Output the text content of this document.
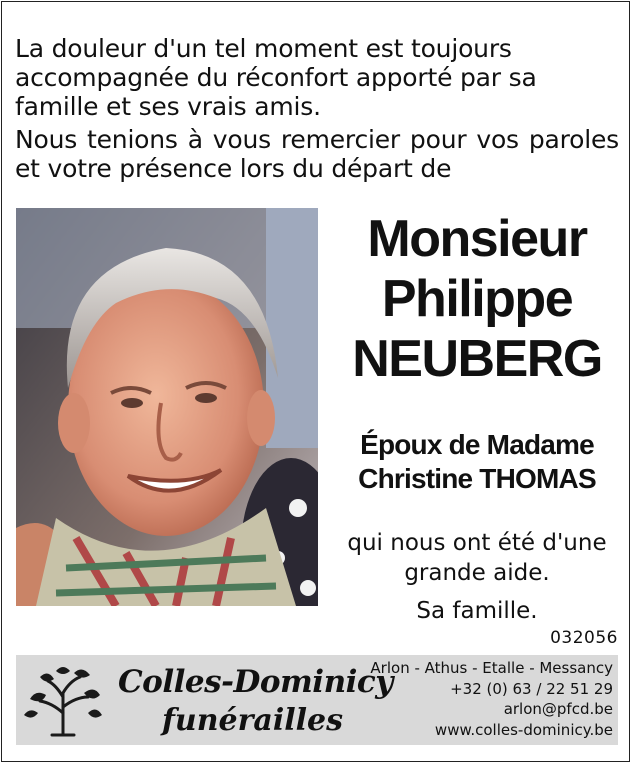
La douleur d'un tel moment est toujours accompagnée du réconfort apporté par sa famille et ses vrais amis.

Nous tenions à vous remercier pour vos paroles et votre présence lors du départ de

Monsieur
Philippe
NEUBERG
Époux de Madame
Christine THOMAS
qui nous ont été d'une
grande aide.
Sa famille.
032056
Colles-Dominicy
funérailles
Arlon - Athus - Etalle - Messancy
+32 (0) 63 / 22 51 29
arlon@pfcd.be
www.colles-dominicy.be
